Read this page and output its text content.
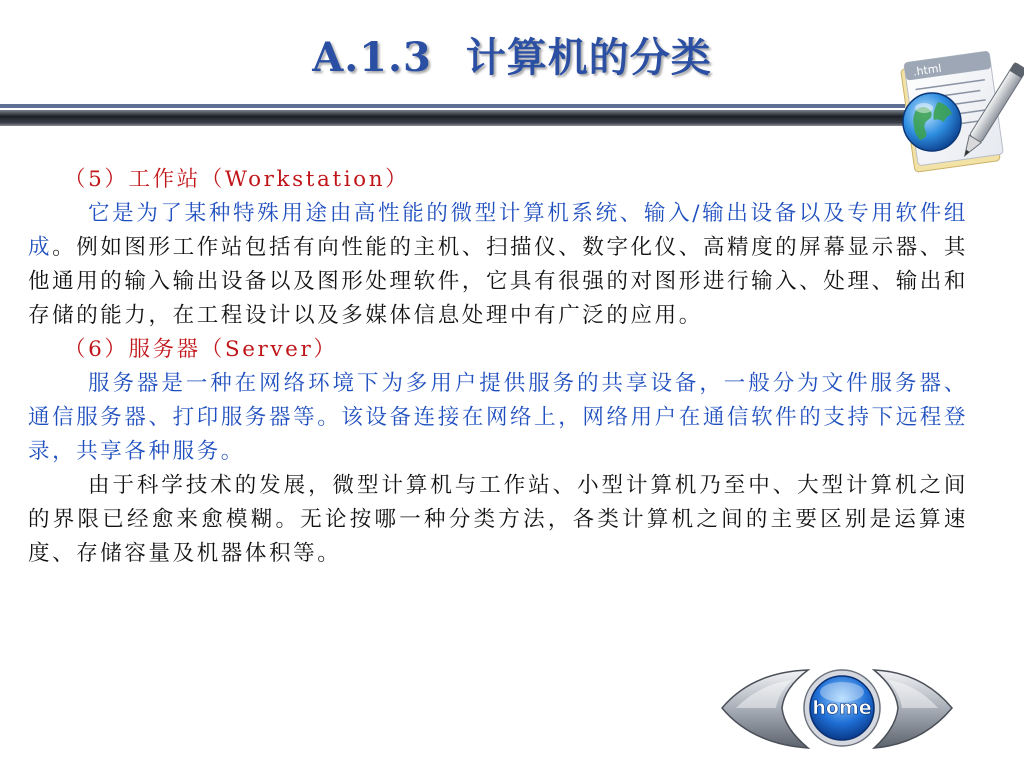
A.1.3 计算机的分类	.html

（5）工作站（Workstation）

它是为了某种特殊用途由高性能的微型计算机系统、输入/输出设备以及专用软件组成。例如图形工作站包括有向性能的主机、扫描仪、数字化仪、高精度的屏幕显示器、其他通用的输入输出设备以及图形处理软件，它具有很强的对图形进行输入、处理、输出和存储的能力，在工程设计以及多媒体信息处理中有广泛的应用。

（6）服务器（Server）

服务器是一种在网络环境下为多用户提供服务的共享设备，一般分为文件服务器、通信服务器、打印服务器等。该设备连接在网络上，网络用户在通信软件的支持下远程登录，共享各种服务。

由于科学技术的发展，微型计算机与工作站、小型计算机乃至中、大型计算机之间的界限已经愈来愈模糊。无论按哪一种分类方法，各类计算机之间的主要区别是运算速度、存储容量及机器体积等。

home
